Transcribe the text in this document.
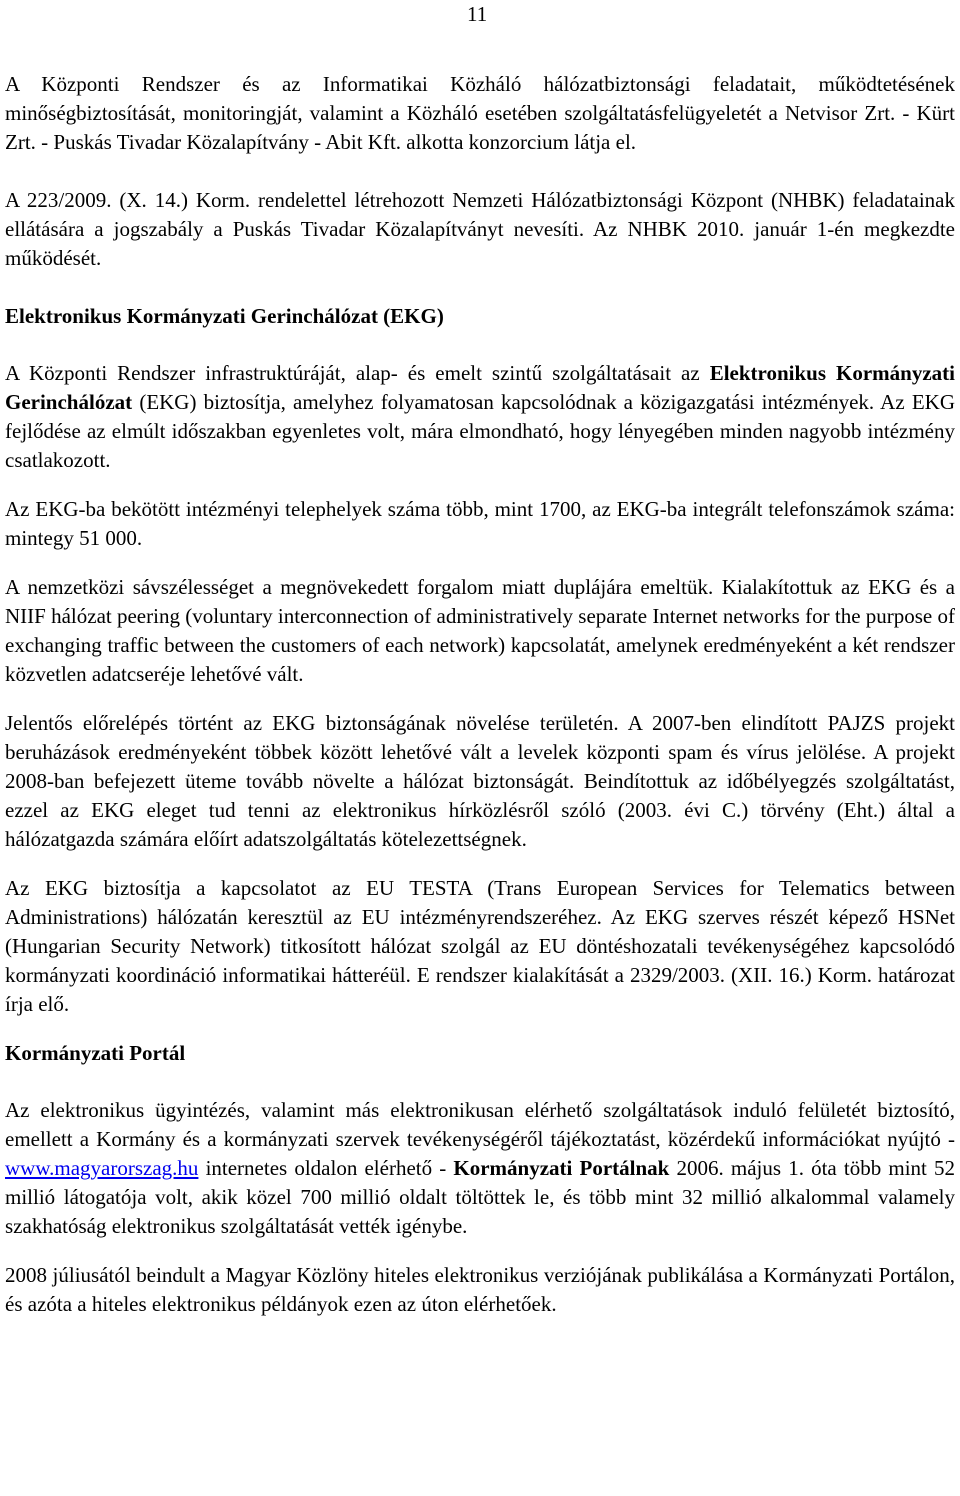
11

A Központi Rendszer és az Informatikai Közháló hálózatbiztonsági feladatait, működtetésének minőségbiztosítását, monitoringját, valamint a Közháló esetében szolgáltatásfelügyeletét a Netvisor Zrt. - Kürt Zrt. - Puskás Tivadar Közalapítvány - Abit Kft. alkotta konzorcium látja el.

A 223/2009. (X. 14.) Korm. rendelettel létrehozott Nemzeti Hálózatbiztonsági Központ (NHBK) feladatainak ellátására a jogszabály a Puskás Tivadar Közalapítványt nevesíti. Az NHBK 2010. január 1-én megkezdte működését.

Elektronikus Kormányzati Gerinchálózat (EKG)

A Központi Rendszer infrastruktúráját, alap- és emelt szintű szolgáltatásait az Elektronikus Kormányzati Gerinchálózat (EKG) biztosítja, amelyhez folyamatosan kapcsolódnak a közigazgatási intézmények. Az EKG fejlődése az elmúlt időszakban egyenletes volt, mára elmondható, hogy lényegében minden nagyobb intézmény csatlakozott.

Az EKG-ba bekötött intézményi telephelyek száma több, mint 1700, az EKG-ba integrált telefonszámok száma: mintegy 51 000.

A nemzetközi sávszélességet a megnövekedett forgalom miatt duplájára emeltük. Kialakítottuk az EKG és a NIIF hálózat peering (voluntary interconnection of administratively separate Internet networks for the purpose of exchanging traffic between the customers of each network) kapcsolatát, amelynek eredményeként a két rendszer közvetlen adatcseréje lehetővé vált.

Jelentős előrelépés történt az EKG biztonságának növelése területén. A 2007-ben elindított PAJZS projekt beruházások eredményeként többek között lehetővé vált a levelek központi spam és vírus jelölése. A projekt 2008-ban befejezett üteme tovább növelte a hálózat biztonságát. Beindítottuk az időbélyegzés szolgáltatást, ezzel az EKG eleget tud tenni az elektronikus hírközlésről szóló (2003. évi C.) törvény (Eht.) által a hálózatgazda számára előírt adatszolgáltatás kötelezettségnek.

Az EKG biztosítja a kapcsolatot az EU TESTA (Trans European Services for Telematics between Administrations) hálózatán keresztül az EU intézményrendszeréhez. Az EKG szerves részét képező HSNet (Hungarian Security Network) titkosított hálózat szolgál az EU döntéshozatali tevékenységéhez kapcsolódó kormányzati koordináció informatikai hátteréül. E rendszer kialakítását a 2329/2003. (XII. 16.) Korm. határozat írja elő.

Kormányzati Portál

Az elektronikus ügyintézés, valamint más elektronikusan elérhető szolgáltatások induló felületét biztosító, emellett a Kormány és a kormányzati szervek tevékenységéről tájékoztatást, közérdekű információkat nyújtó - www.magyarorszag.hu internetes oldalon elérhető - Kormányzati Portálnak 2006. május 1. óta több mint 52 millió látogatója volt, akik közel 700 millió oldalt töltöttek le, és több mint 32 millió alkalommal valamely szakhatóság elektronikus szolgáltatását vették igénybe.

2008 júliusától beindult a Magyar Közlöny hiteles elektronikus verziójának publikálása a Kormányzati Portálon, és azóta a hiteles elektronikus példányok ezen az úton elérhetőek.
